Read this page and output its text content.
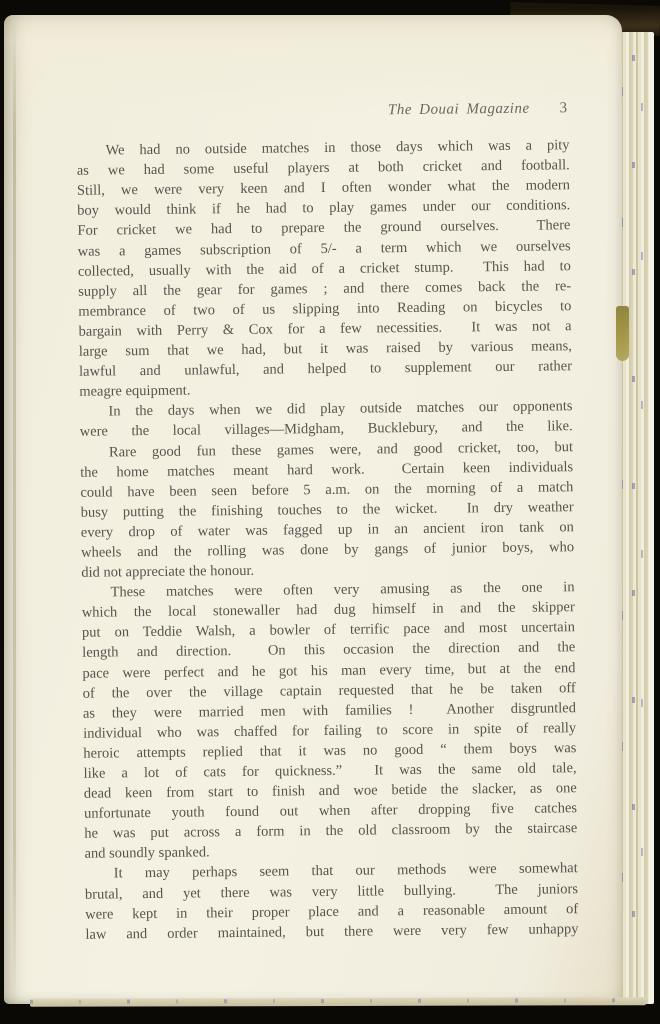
The Douai Magazine 3
We had no outside matches in those days which was a pity
as we had some useful players at both cricket and football.
Still, we were very keen and I often wonder what the modern
boy would think if he had to play games under our conditions.
For cricket we had to prepare the ground ourselves.  There
was a games subscription of 5/- a term which we ourselves
collected, usually with the aid of a cricket stump.  This had to
supply all the gear for games ; and there comes back the re-
membrance of two of us slipping into Reading on bicycles to
bargain with Perry & Cox for a few necessities.  It was not a
large sum that we had, but it was raised by various means,
lawful and unlawful, and helped to supplement our rather
meagre equipment.
In the days when we did play outside matches our opponents
were the local villages—Midgham, Bucklebury, and the like.
Rare good fun these games were, and good cricket, too, but
the home matches meant hard work.  Certain keen individuals
could have been seen before 5 a.m. on the morning of a match
busy putting the finishing touches to the wicket.  In dry weather
every drop of water was fagged up in an ancient iron tank on
wheels and the rolling was done by gangs of junior boys, who
did not appreciate the honour.
These matches were often very amusing as the one in
which the local stonewaller had dug himself in and the skipper
put on Teddie Walsh, a bowler of terrific pace and most uncertain
length and direction.  On this occasion the direction and the
pace were perfect and he got his man every time, but at the end
of the over the village captain requested that he be taken off
as they were married men with families !  Another disgruntled
individual who was chaffed for failing to score in spite of really
heroic attempts replied that it was no good “ them boys was
like a lot of cats for quickness.”  It was the same old tale,
dead keen from start to finish and woe betide the slacker, as one
unfortunate youth found out when after dropping five catches
he was put across a form in the old classroom by the staircase
and soundly spanked.
It may perhaps seem that our methods were somewhat
brutal, and yet there was very little bullying.  The juniors
were kept in their proper place and a reasonable amount of
law and order maintained, but there were very few unhappy
